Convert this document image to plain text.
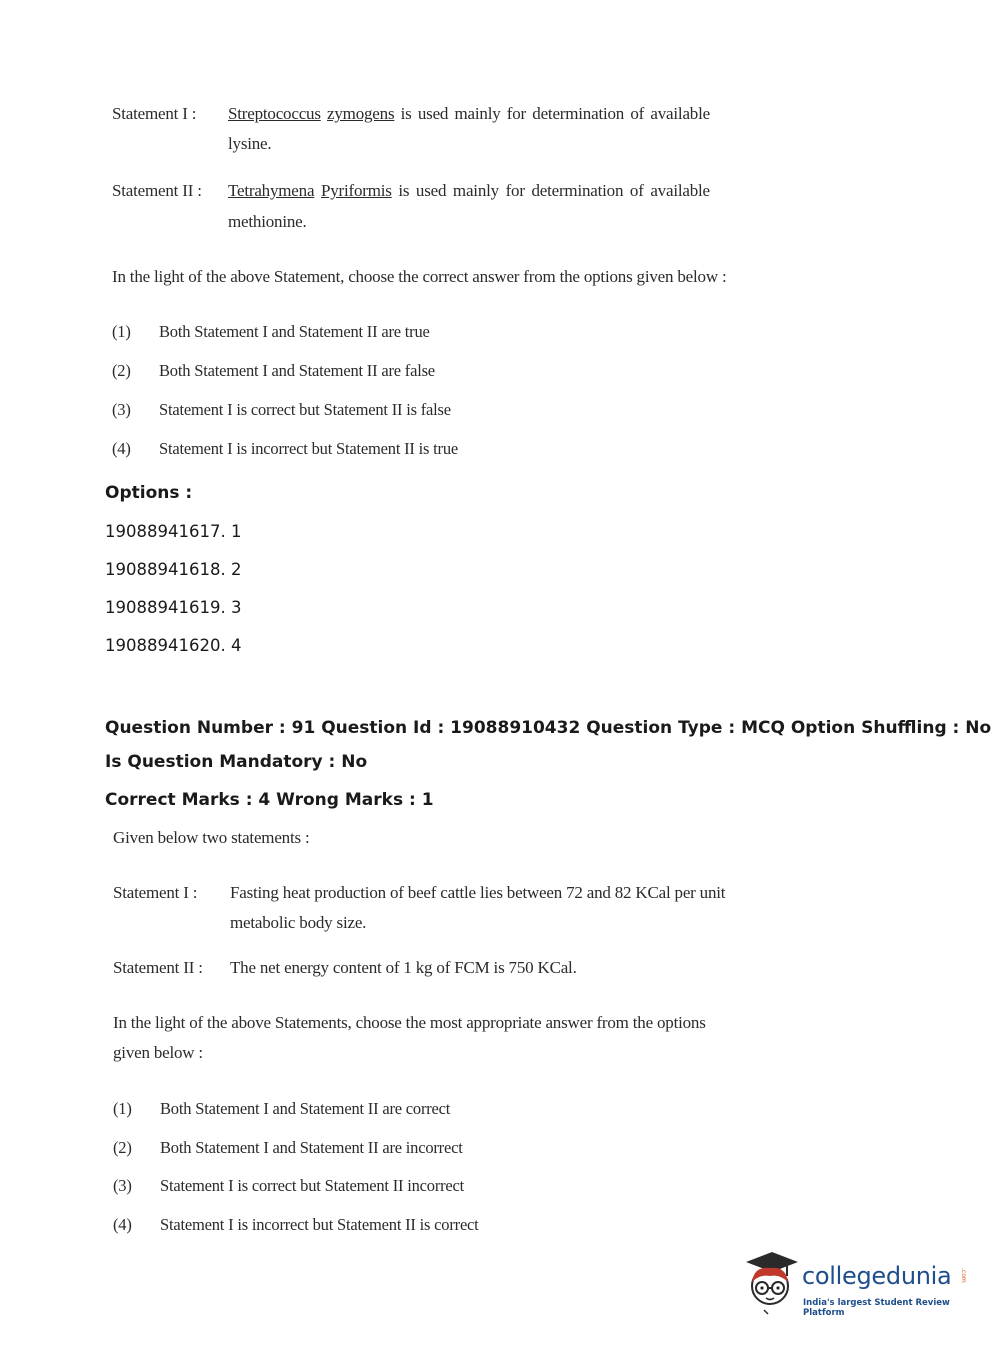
Statement I : Streptococcus zymogens is used mainly for determination of available
lysine.
Statement II : Tetrahymena Pyriformis is used mainly for determination of available
methionine.
In the light of the above Statement, choose the correct answer from the options given below :
(1) Both Statement I and Statement II are true
(2) Both Statement I and Statement II are false
(3) Statement I is correct but Statement II is false
(4) Statement I is incorrect but Statement II is true
Options :
19088941617. 1
19088941618. 2
19088941619. 3
19088941620. 4
Question Number : 91 Question Id : 19088910432 Question Type : MCQ Option Shuffling : No
Is Question Mandatory : No
Correct Marks : 4 Wrong Marks : 1
Given below two statements :
Statement I : Fasting heat production of beef cattle lies between 72 and 82 KCal per unit
metabolic body size.
Statement II : The net energy content of 1 kg of FCM is 750 KCal.
In the light of the above Statements, choose the most appropriate answer from the options
given below :
(1) Both Statement I and Statement II are correct
(2) Both Statement I and Statement II are incorrect
(3) Statement I is correct but Statement II incorrect
(4) Statement I is incorrect but Statement II is correct
collegedunia .com
India's largest Student Review Platform
